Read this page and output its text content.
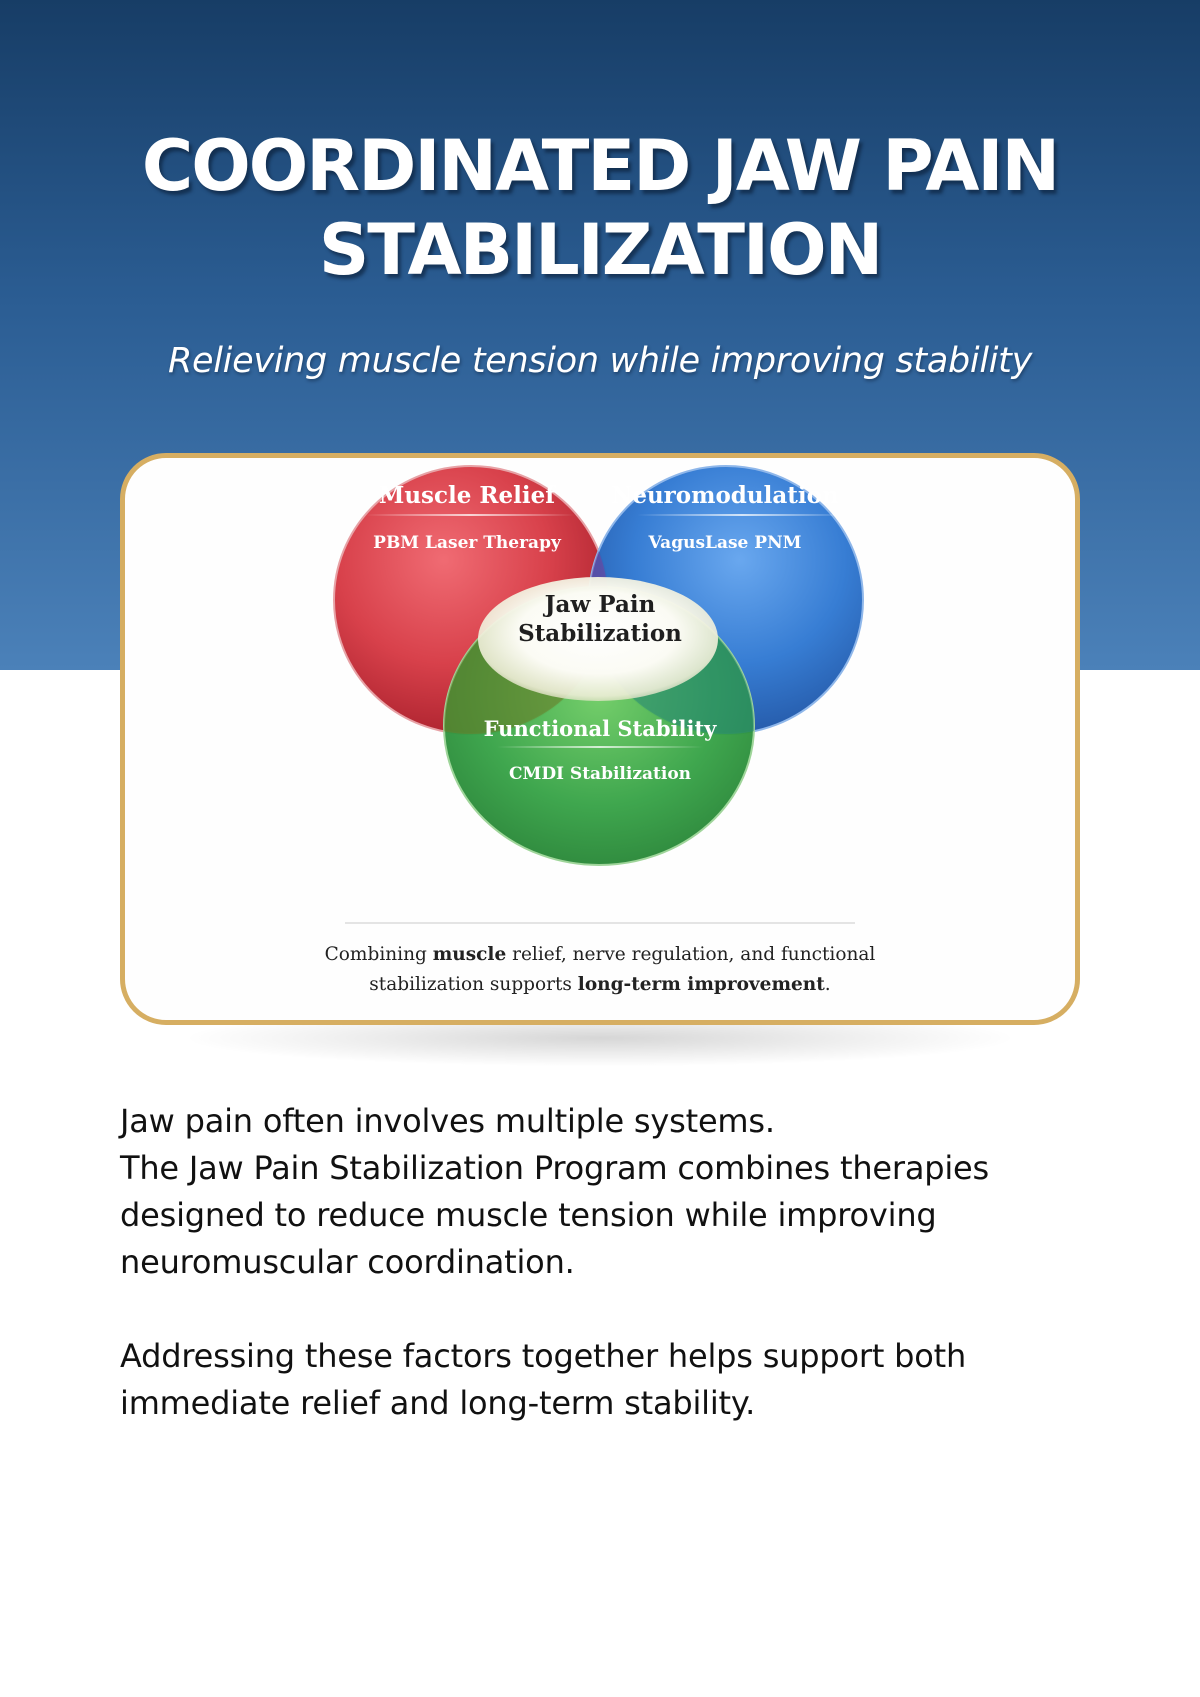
COORDINATED JAW PAIN
STABILIZATION

Relieving muscle tension while improving stability

Muscle Relief
PBM Laser Therapy
Neuromodulation
VagusLase PNM
Jaw Pain
Stabilization
Functional Stability
CMDI Stabilization

Combining muscle relief, nerve regulation, and functional
stabilization supports long-term improvement.

Jaw pain often involves multiple systems.
The Jaw Pain Stabilization Program combines therapies designed to reduce muscle tension while improving neuromuscular coordination.

Addressing these factors together helps support both immediate relief and long-term stability.
